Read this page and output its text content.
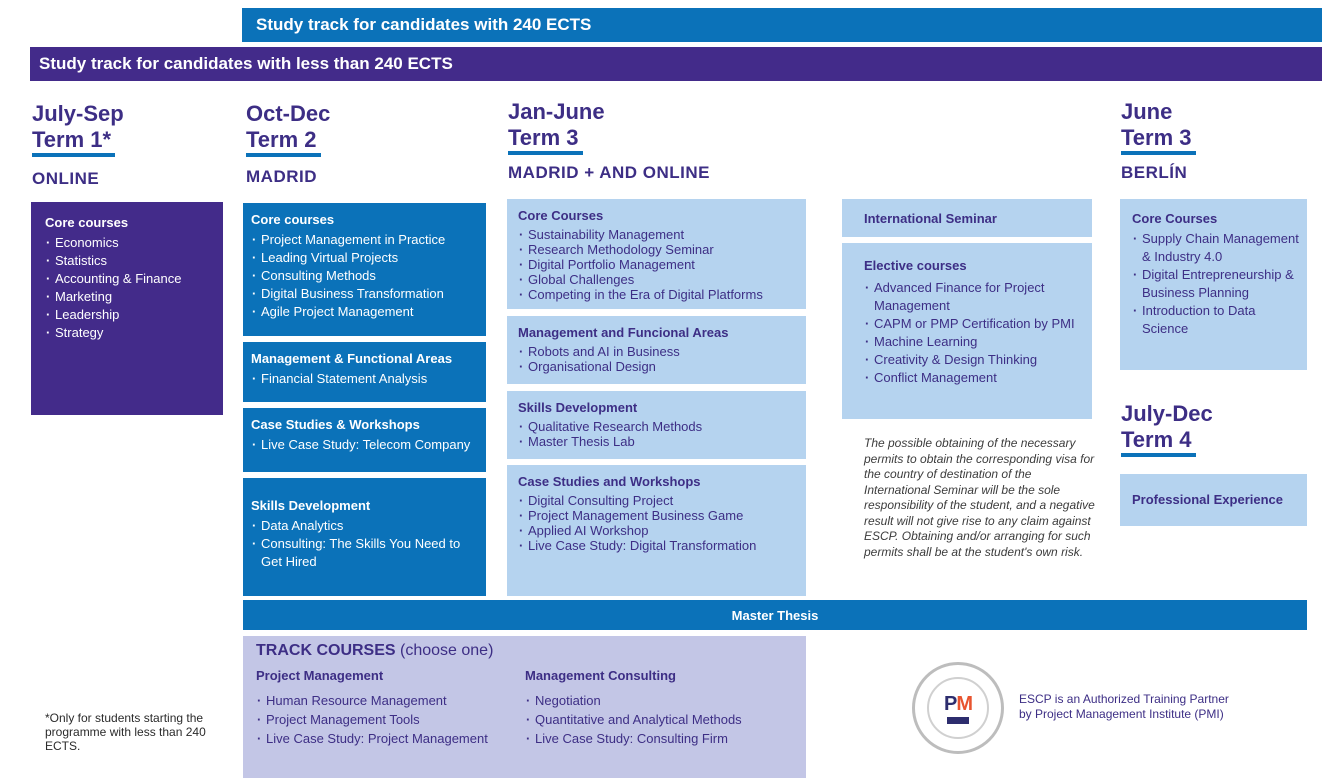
Study track for candidates with 240 ECTS
Study track for candidates with less than 240 ECTS
July-Sep
Term 1*
ONLINE
Oct-Dec
Term 2
MADRID
Jan-June
Term 3
MADRID + AND ONLINE
June
Term 3
BERLÍN
Core courses
· Economics
· Statistics
· Accounting & Finance
· Marketing
· Leadership
· Strategy
Core courses
· Project Management in Practice
· Leading Virtual Projects
· Consulting Methods
· Digital Business Transformation
· Agile Project Management
Management & Functional Areas
· Financial Statement Analysis
Case Studies & Workshops
· Live Case Study: Telecom Company
Skills Development
· Data Analytics
· Consulting: The Skills You Need to Get Hired
Core Courses
· Sustainability Management
· Research Methodology Seminar
· Digital Portfolio Management
· Global Challenges
· Competing in the Era of Digital Platforms
Management and Funcional Areas
· Robots and AI in Business
· Organisational Design
Skills Development
· Qualitative Research Methods
· Master Thesis Lab
Case Studies and Workshops
· Digital Consulting Project
· Project Management Business Game
· Applied AI Workshop
· Live Case Study: Digital Transformation
International Seminar
Elective courses
· Advanced Finance for Project Management
· CAPM or PMP Certification by PMI
· Machine Learning
· Creativity & Design Thinking
· Conflict Management
The possible obtaining of the necessary permits to obtain the corresponding visa for the country of destination of the International Seminar will be the sole responsibility of the student, and a negative result will not give rise to any claim against ESCP. Obtaining and/or arranging for such permits shall be at the student's own risk.
Core Courses
· Supply Chain Management & Industry 4.0
· Digital Entrepreneurship & Business Planning
· Introduction to Data Science
July-Dec
Term 4
Professional Experience
Master Thesis
TRACK COURSES (choose one)
Project Management
· Human Resource Management
· Project Management Tools
· Live Case Study: Project Management
Management Consulting
· Negotiation
· Quantitative and Analytical Methods
· Live Case Study: Consulting Firm
*Only for students starting the programme with less than 240 ECTS.
PM	ESCP is an Authorized Training Partner
by Project Management Institute (PMI)
